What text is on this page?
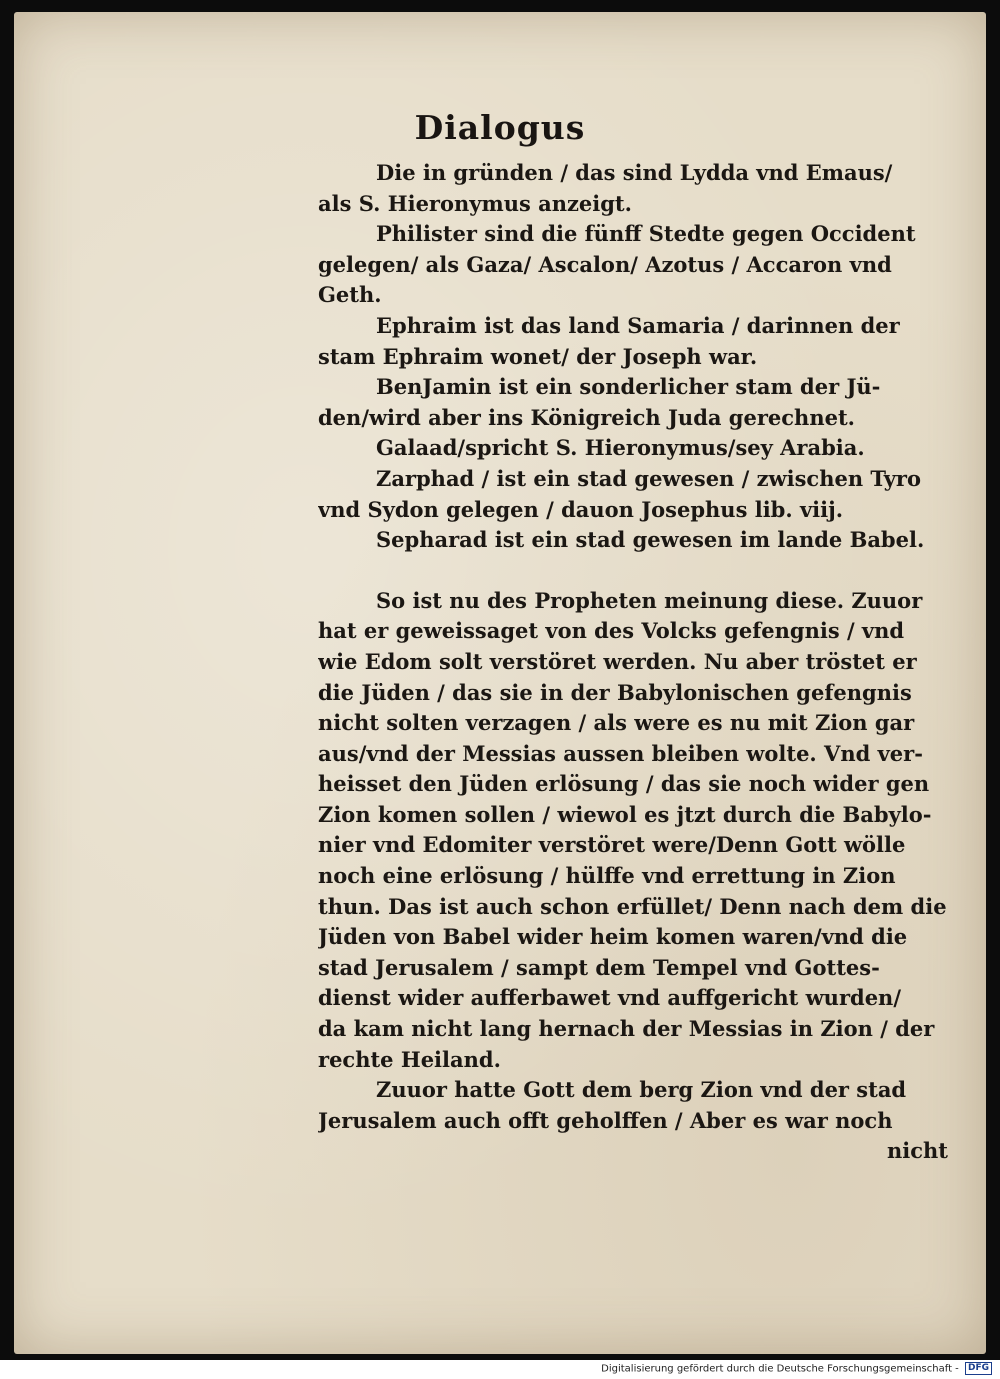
Dialogus
Die in gründen / das sind Lydda vnd Emaus/
als S. Hieronymus anzeigt.
Philister sind die fünff Stedte gegen Occident
gelegen/ als Gaza/ Ascalon/ Azotus / Accaron vnd
Geth.
Ephraim ist das land Samaria / darinnen der
stam Ephraim wonet/ der Joseph war.
BenJamin ist ein sonderlicher stam der Jü-
den/wird aber ins Königreich Juda gerechnet.
Galaad/spricht S. Hieronymus/sey Arabia.
Zarphad / ist ein stad gewesen / zwischen Tyro
vnd Sydon gelegen / dauon Josephus lib. viij.
Sepharad ist ein stad gewesen im lande Babel.
So ist nu des Propheten meinung diese. Zuuor
hat er geweissaget von des Volcks gefengnis / vnd
wie Edom solt verstöret werden. Nu aber tröstet er
die Jüden / das sie in der Babylonischen gefengnis
nicht solten verzagen / als were es nu mit Zion gar
aus/vnd der Messias aussen bleiben wolte. Vnd ver-
heisset den Jüden erlösung / das sie noch wider gen
Zion komen sollen / wiewol es jtzt durch die Babylo-
nier vnd Edomiter verstöret were/Denn Gott wölle
noch eine erlösung / hülffe vnd errettung in Zion
thun. Das ist auch schon erfüllet/ Denn nach dem die
Jüden von Babel wider heim komen waren/vnd die
stad Jerusalem / sampt dem Tempel vnd Gottes-
dienst wider aufferbawet vnd auffgericht wurden/
da kam nicht lang hernach der Messias in Zion / der
rechte Heiland.
Zuuor hatte Gott dem berg Zion vnd der stad
Jerusalem auch offt geholffen / Aber es war noch
nicht
Digitalisierung gefördert durch die Deutsche Forschungsgemeinschaft - DFG
